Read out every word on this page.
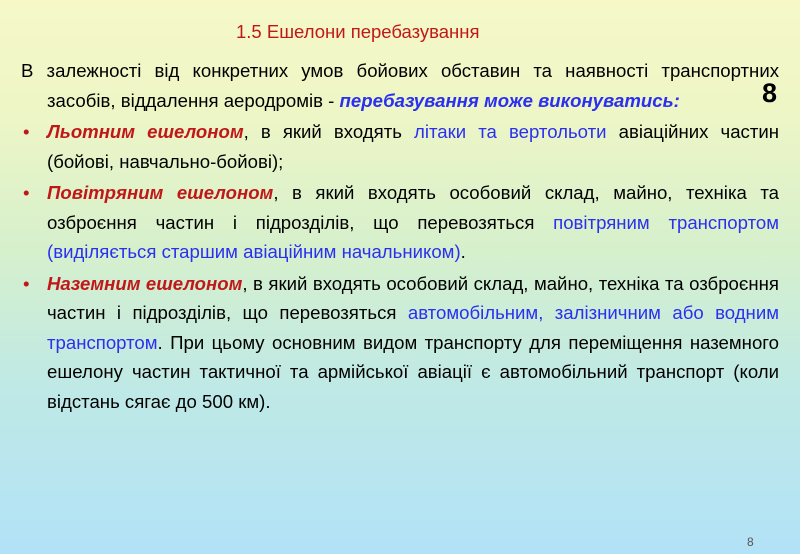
1.5 Ешелони перебазування

В залежності від конкретних умов бойових обставин та наявності транспортних засобів, віддалення аеродромів - перебазування може виконуватись:

• Льотним ешелоном, в який входять літаки та вертольоти авіаційних частин (бойові, навчально-бойові);
• Повітряним ешелоном, в який входять особовий склад, майно, техніка та озброєння частин і підрозділів, що перевозяться повітряним транспортом (виділяється старшим авіаційним начальником).
• Наземним ешелоном, в який входять особовий склад, майно, техніка та озброєння частин і підрозділів, що перевозяться автомобільним, залізничним або водним транспортом. При цьому основним видом транспорту для переміщення наземного ешелону частин тактичної та армійської авіації є автомобільний транспорт (коли відстань сягає до 500 км).
8
8
